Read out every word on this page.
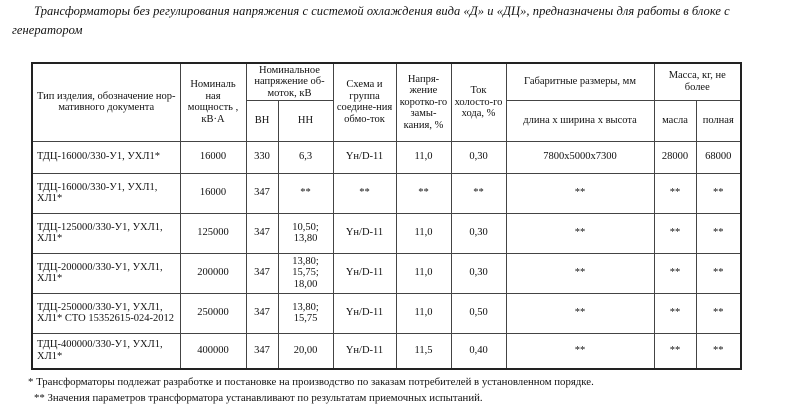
Трансформаторы без регулирования напряжения с системой охлаждения вида «Д» и «ДЦ», предназначены для работы в блоке с генератором
Тип изделия, обозначение нор-мативного документа	Номиналь ная мощность , кВ·А	Номинальное напряжение об-моток, кВ		Схема и группа соедине-ния обмо-ток	Напря-жение коротко-го замы-кания, %	Ток холосто-го хода, %	Габаритные размеры, мм	Масса, кг, не более	
		ВН	НН				длина х ширина х высота	масла	полная
ТДЦ-16000/330-У1, УХЛ1*	16000	330	6,3	Yн/D-11	11,0	0,30	7800х5000х7300	28000	68000
ТДЦ-16000/330-У1, УХЛ1, ХЛ1*	16000	347	**	**	**	**	**	**	**
ТДЦ-125000/330-У1, УХЛ1, ХЛ1*	125000	347	10,50; 13,80	Yн/D-11	11,0	0,30	**	**	**
ТДЦ-200000/330-У1, УХЛ1, ХЛ1*	200000	347	13,80; 15,75; 18,00	Yн/D-11	11,0	0,30	**	**	**
ТДЦ-250000/330-У1, УХЛ1, ХЛ1* СТО 15352615-024-2012	250000	347	13,80; 15,75	Yн/D-11	11,0	0,50	**	**	**
ТДЦ-400000/330-У1, УХЛ1, ХЛ1*	400000	347	20,00	Yн/D-11	11,5	0,40	**	**	**
* Трансформаторы подлежат разработке и постановке на производство по заказам потребителей в установленном порядке.
** Значения параметров трансформатора устанавливают по результатам приемочных испытаний.
